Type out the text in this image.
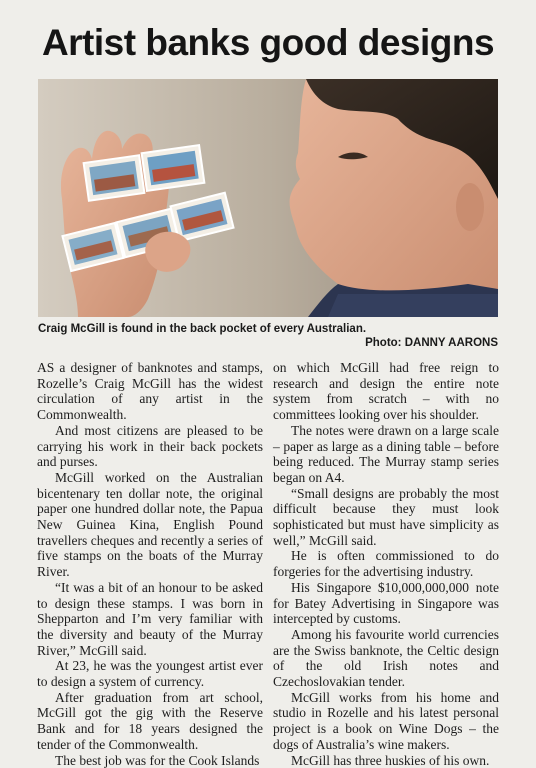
Artist banks good designs
Craig McGill is found in the back pocket of every Australian.
Photo: DANNY AARONS

AS a designer of banknotes and stamps, Rozelle’s Craig McGill has the widest circulation of any artist in the Commonwealth.

And most citizens are pleased to be carrying his work in their back pockets and purses.

McGill worked on the Australian bicentenary ten dollar note, the original paper one hundred dollar note, the Papua New Guinea Kina, English Pound travellers cheques and recently a series of five stamps on the boats of the Murray River.

“It was a bit of an honour to be asked to design these stamps. I was born in Shepparton and I’m very familiar with the diversity and beauty of the Murray River,” McGill said.

At 23, he was the youngest artist ever to design a system of currency.

After graduation from art school, McGill got the gig with the Reserve Bank and for 18 years designed the tender of the Commonwealth.

The best job was for the Cook Islands

on which McGill had free reign to research and design the entire note system from scratch – with no committees looking over his shoulder.

The notes were drawn on a large scale – paper as large as a dining table – before being reduced. The Murray stamp series began on A4.

“Small designs are probably the most difficult because they must look sophisticated but must have simplicity as well,” McGill said.

He is often commissioned to do forgeries for the advertising industry.

His Singapore $10,000,000,000 note for Batey Advertising in Singapore was intercepted by customs.

Among his favourite world currencies are the Swiss banknote, the Celtic design of the old Irish notes and Czechoslovakian tender.

McGill works from his home and studio in Rozelle and his latest personal project is a book on Wine Dogs – the dogs of Australia’s wine makers.

McGill has three huskies of his own.
